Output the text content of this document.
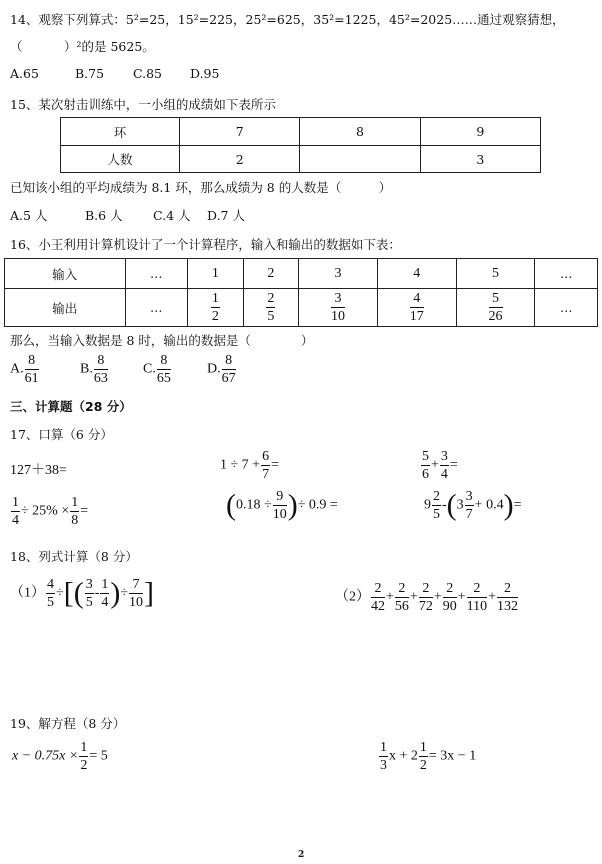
14、观察下列算式：5²=25，15²=225，25²=625，35²=1225，45²=2025……通过观察猜想，
（　　　 ）²的是 5625。
A.65	B.75 C.85 D.95
15、某次射击训练中，一小组的成绩如下表所示
环	7	8	9
人数	2		3
已知该小组的平均成绩为 8.1 环，那么成绩为 8 的人数是（　　　）
A.5 人	B.6 人 C.4 人 D.7 人
16、小王利用计算机设计了一个计算程序，输入和输出的数据如下表：
输入	…	1	2	3	4	5	…
输出	…	$\frac{1}{2}$	$\frac{2}{5}$	$\frac{3}{10}$	$\frac{4}{17}$	$\frac{5}{26}$	…
那么，当输入数据是 8 时，输出的数据是（　　　　）
A. $\frac{8}{61}$	B. $\frac{8}{63}$	C. $\frac{8}{65}$	D. $\frac{8}{67}$
三、计算题（28 分）
17、口算（6 分）
127＋38=	$1 \div 7 + \frac{6}{7}$ =	$\frac{5}{6} + \frac{3}{4}$ =
$\frac{1}{4} \div 25\% \times \frac{1}{8}$ =	($0.18 \div \frac{9}{10}$ )÷ 0.9 =	$9 \frac{2}{5} -(3 \frac{3}{7} + 0.4)=$
18、列式计算（8 分）
$(1) \frac{4}{5}$ ÷[( $\frac{3}{5} - \frac{1}{4}$ )÷ $\frac{7}{10}$ ]	$(2) \frac{2}{42} + \frac{2}{56} + \frac{2}{72} + \frac{2}{90} + \frac{2}{110} + \frac{2}{132}$
19、解方程（8 分）
$x - 0.75x \times \frac{1}{2} = 5$	$\frac{1}{3}$ $x + 2 \frac{1}{2} = 3x - 1$
2
